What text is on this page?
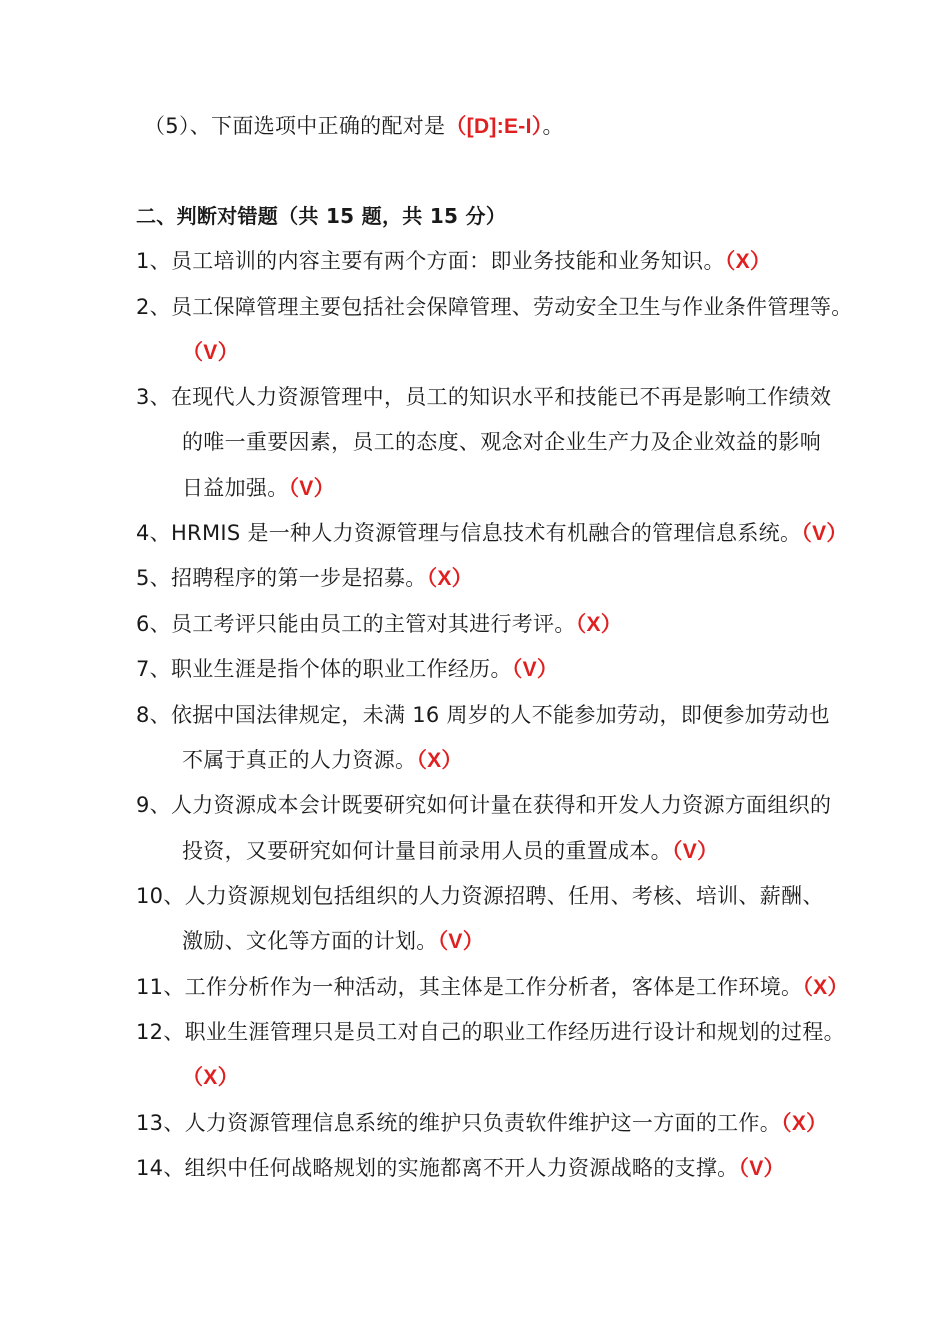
（5）、下面选项中正确的配对是（[D]:E-I）。
二、判断对错题（共 15 题，共 15 分）
1、员工培训的内容主要有两个方面：即业务技能和业务知识。（X）
2、员工保障管理主要包括社会保障管理、劳动安全卫生与作业条件管理等。
（V）
3、在现代人力资源管理中，员工的知识水平和技能已不再是影响工作绩效
的唯一重要因素，员工的态度、观念对企业生产力及企业效益的影响
日益加强。（V）
4、HRMIS 是一种人力资源管理与信息技术有机融合的管理信息系统。（V）
5、招聘程序的第一步是招募。（X）
6、员工考评只能由员工的主管对其进行考评。（X）
7、职业生涯是指个体的职业工作经历。（V）
8、依据中国法律规定，未满 16 周岁的人不能参加劳动，即便参加劳动也
不属于真正的人力资源。（X）
9、人力资源成本会计既要研究如何计量在获得和开发人力资源方面组织的
投资，又要研究如何计量目前录用人员的重置成本。（V）
10、人力资源规划包括组织的人力资源招聘、任用、考核、培训、薪酬、
激励、文化等方面的计划。（V）
11、工作分析作为一种活动，其主体是工作分析者，客体是工作环境。（X）
12、职业生涯管理只是员工对自己的职业工作经历进行设计和规划的过程。
（X）
13、人力资源管理信息系统的维护只负责软件维护这一方面的工作。（X）
14、组织中任何战略规划的实施都离不开人力资源战略的支撑。（V）
